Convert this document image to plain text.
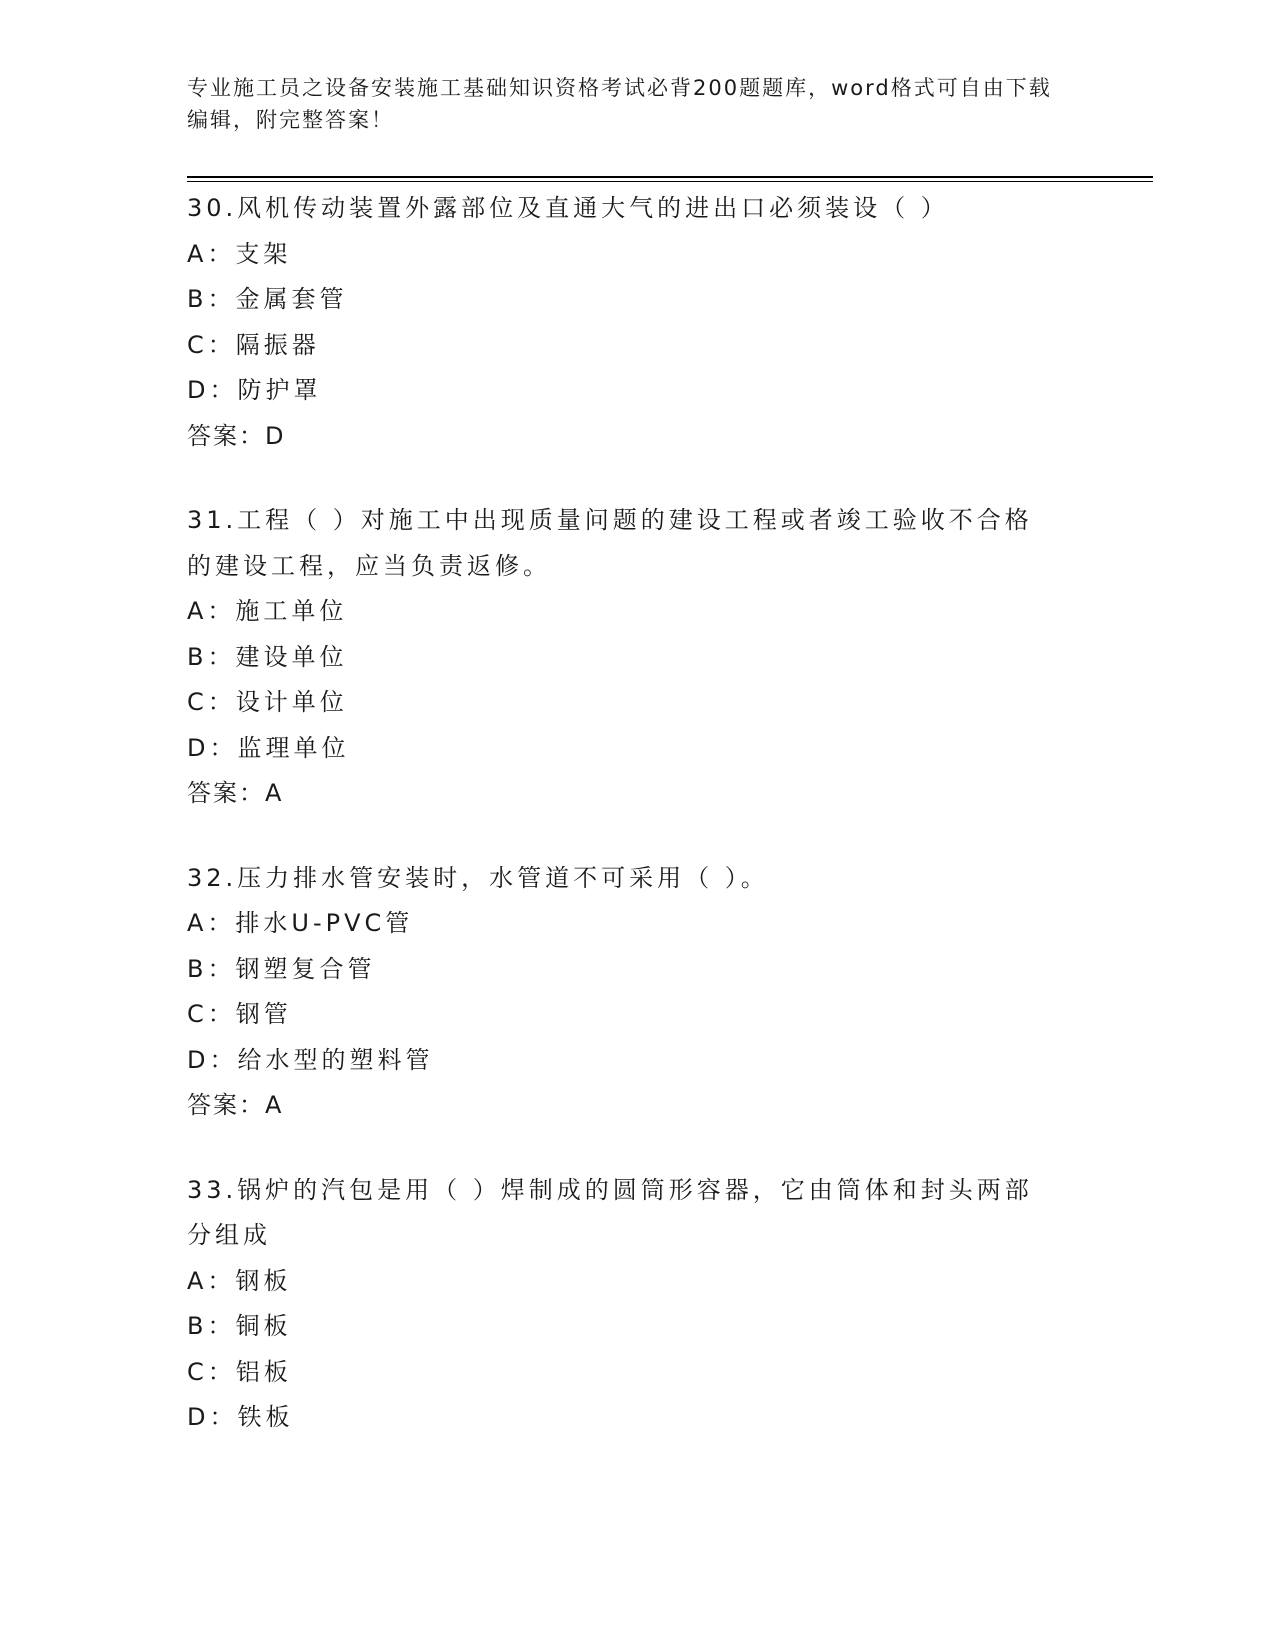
专业施工员之设备安装施工基础知识资格考试必背200题题库，word格式可自由下载编辑，附完整答案！
30.风机传动装置外露部位及直通大气的进出口必须装设（ ）
A：支架
B：金属套管
C：隔振器
D：防护罩
答案：D
31.工程（ ）对施工中出现质量问题的建设工程或者竣工验收不合格
的建设工程，应当负责返修。
A：施工单位
B：建设单位
C：设计单位
D：监理单位
答案：A
32.压力排水管安装时，水管道不可采用（ ）。
A：排水U-PVC管
B：钢塑复合管
C：钢管
D：给水型的塑料管
答案：A
33.锅炉的汽包是用（ ）焊制成的圆筒形容器，它由筒体和封头两部
分组成
A：钢板
B：铜板
C：铝板
D：铁板
